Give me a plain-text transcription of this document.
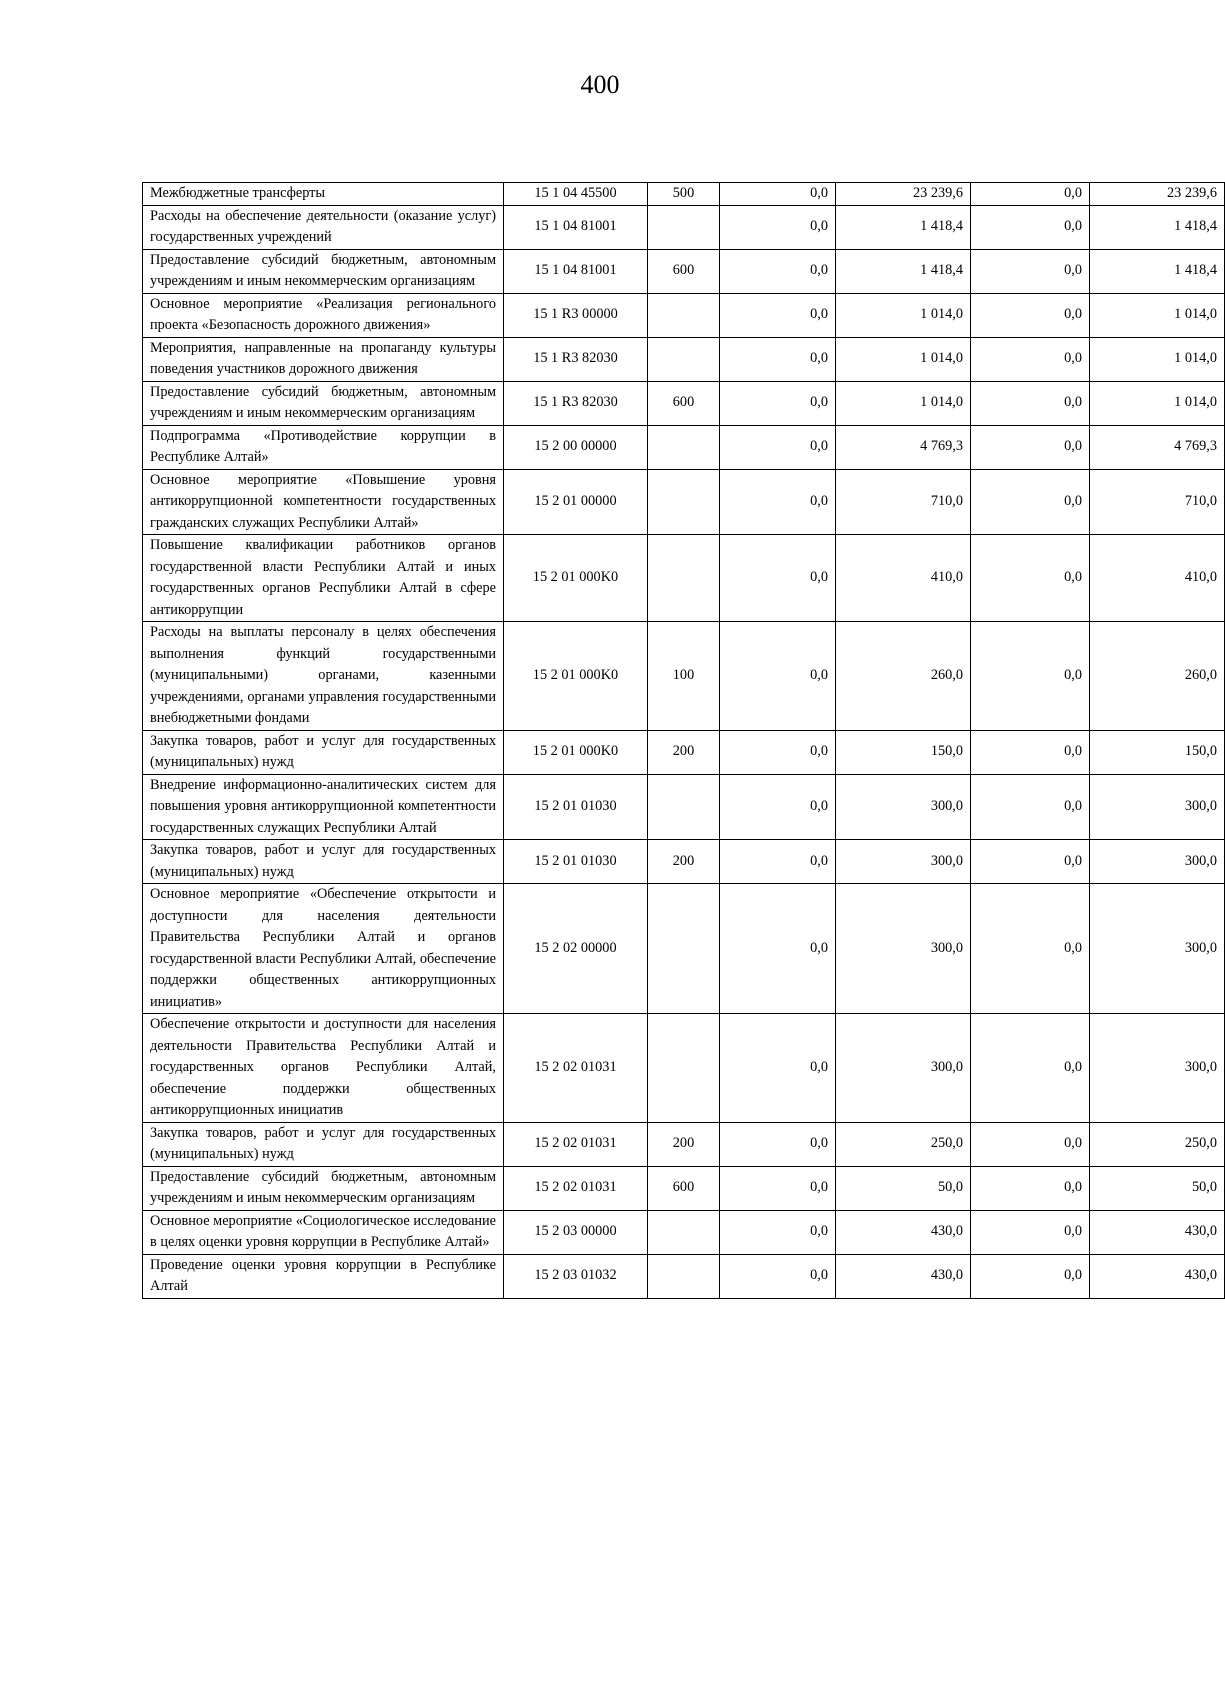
400
Межбюджетные трансферты	15 1 04 45500	500	0,0	23 239,6	0,0	23 239,6
Расходы на обеспечение деятельности (оказание услуг) государственных учреждений	15 1 04 81001		0,0	1 418,4	0,0	1 418,4
Предоставление субсидий бюджетным, автономным учреждениям и иным некоммерческим организациям	15 1 04 81001	600	0,0	1 418,4	0,0	1 418,4
Основное мероприятие «Реализация регионального проекта «Безопасность дорожного движения»	15 1 R3 00000		0,0	1 014,0	0,0	1 014,0
Мероприятия, направленные на пропаганду культуры поведения участников дорожного движения	15 1 R3 82030		0,0	1 014,0	0,0	1 014,0
Предоставление субсидий бюджетным, автономным учреждениям и иным некоммерческим организациям	15 1 R3 82030	600	0,0	1 014,0	0,0	1 014,0
Подпрограмма «Противодействие коррупции в Республике Алтай»	15 2 00 00000		0,0	4 769,3	0,0	4 769,3
Основное мероприятие «Повышение уровня антикоррупционной компетентности государственных гражданских служащих Республики Алтай»	15 2 01 00000		0,0	710,0	0,0	710,0
Повышение квалификации работников органов государственной власти Республики Алтай и иных государственных органов Республики Алтай в сфере антикоррупции	15 2 01 000K0		0,0	410,0	0,0	410,0
Расходы на выплаты персоналу в целях обеспечения выполнения функций государственными (муниципальными) органами, казенными учреждениями, органами управления государственными внебюджетными фондами	15 2 01 000K0	100	0,0	260,0	0,0	260,0
Закупка товаров, работ и услуг для государственных (муниципальных) нужд	15 2 01 000K0	200	0,0	150,0	0,0	150,0
Внедрение информационно-аналитических систем для повышения уровня антикоррупционной компетентности государственных служащих Республики Алтай	15 2 01 01030		0,0	300,0	0,0	300,0
Закупка товаров, работ и услуг для государственных (муниципальных) нужд	15 2 01 01030	200	0,0	300,0	0,0	300,0
Основное мероприятие «Обеспечение открытости и доступности для населения деятельности Правительства Республики Алтай и органов государственной власти Республики Алтай, обеспечение поддержки общественных антикоррупционных инициатив»	15 2 02 00000		0,0	300,0	0,0	300,0
Обеспечение открытости и доступности для населения деятельности Правительства Республики Алтай и государственных органов Республики Алтай, обеспечение поддержки общественных антикоррупционных инициатив	15 2 02 01031		0,0	300,0	0,0	300,0
Закупка товаров, работ и услуг для государственных (муниципальных) нужд	15 2 02 01031	200	0,0	250,0	0,0	250,0
Предоставление субсидий бюджетным, автономным учреждениям и иным некоммерческим организациям	15 2 02 01031	600	0,0	50,0	0,0	50,0
Основное мероприятие «Социологическое исследование в целях оценки уровня коррупции в Республике Алтай»	15 2 03 00000		0,0	430,0	0,0	430,0
Проведение оценки уровня коррупции в Республике Алтай	15 2 03 01032		0,0	430,0	0,0	430,0
